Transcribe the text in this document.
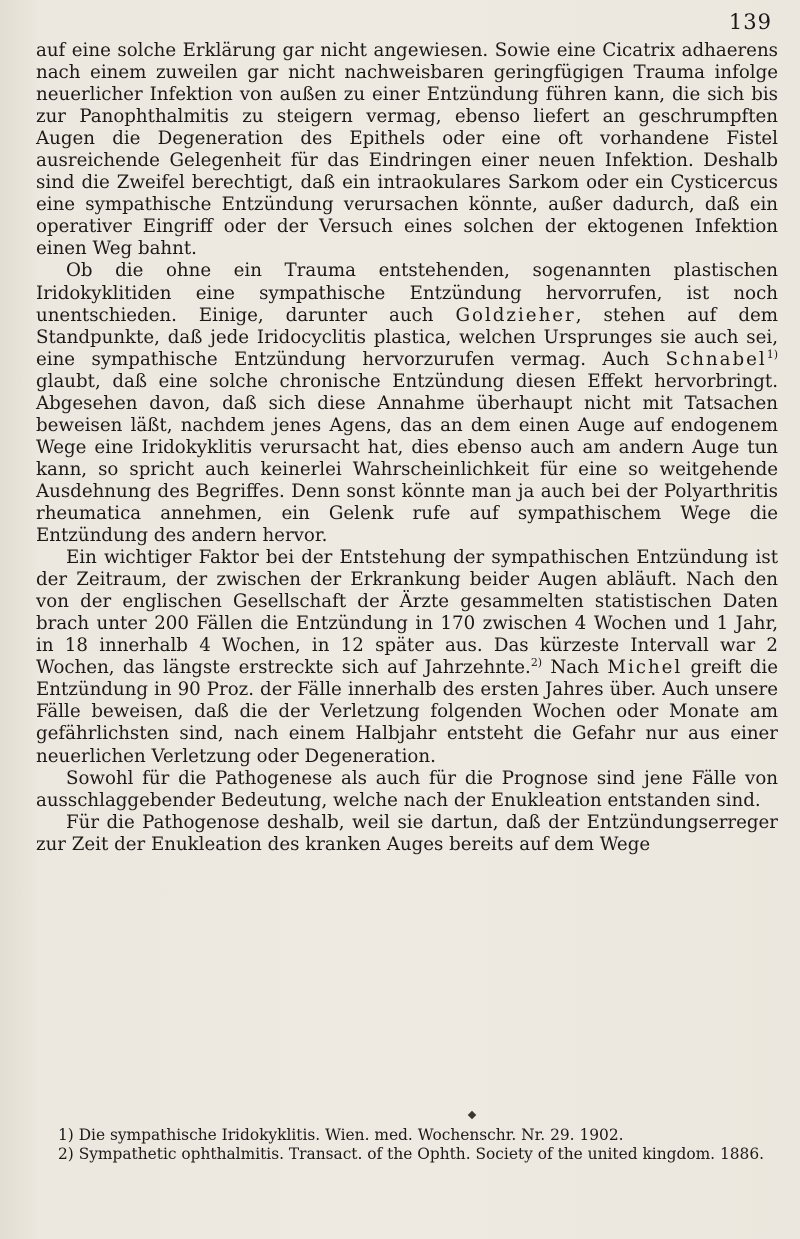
139

auf eine solche Erklärung gar nicht angewiesen. Sowie eine Cicatrix adhaerens nach einem zuweilen gar nicht nachweisbaren geringfügigen Trauma infolge neuerlicher Infektion von außen zu einer Entzündung führen kann, die sich bis zur Panophthalmitis zu steigern vermag, ebenso liefert an geschrumpften Augen die Degeneration des Epithels oder eine oft vorhandene Fistel ausreichende Gelegenheit für das Eindringen einer neuen Infektion. Deshalb sind die Zweifel berechtigt, daß ein intraokulares Sarkom oder ein Cysticercus eine sympathische Entzündung verursachen könnte, außer dadurch, daß ein operativer Eingriff oder der Versuch eines solchen der ektogenen Infektion einen Weg bahnt.

Ob die ohne ein Trauma entstehenden, sogenannten plastischen Iridokyklitiden eine sympathische Entzündung hervorrufen, ist noch unentschieden. Einige, darunter auch Goldzieher, stehen auf dem Standpunkte, daß jede Iridocyclitis plastica, welchen Ursprunges sie auch sei, eine sympathische Entzündung hervorzurufen vermag. Auch Schnabel$^{1)}$ glaubt, daß eine solche chronische Entzündung diesen Effekt hervorbringt. Abgesehen davon, daß sich diese Annahme überhaupt nicht mit Tatsachen beweisen läßt, nachdem jenes Agens, das an dem einen Auge auf endogenem Wege eine Iridokyklitis verursacht hat, dies ebenso auch am andern Auge tun kann, so spricht auch keinerlei Wahrscheinlichkeit für eine so weitgehende Ausdehnung des Begriffes. Denn sonst könnte man ja auch bei der Polyarthritis rheumatica annehmen, ein Gelenk rufe auf sympathischem Wege die Entzündung des andern hervor.

Ein wichtiger Faktor bei der Entstehung der sympathischen Entzündung ist der Zeitraum, der zwischen der Erkrankung beider Augen abläuft. Nach den von der englischen Gesellschaft der Ärzte gesammelten statistischen Daten brach unter 200 Fällen die Entzündung in 170 zwischen 4 Wochen und 1 Jahr, in 18 innerhalb 4 Wochen, in 12 später aus. Das kürzeste Intervall war 2 Wochen, das längste erstreckte sich auf Jahrzehnte.$^{2)}$ Nach Michel greift die Entzündung in 90 Proz. der Fälle innerhalb des ersten Jahres über. Auch unsere Fälle beweisen, daß die der Verletzung folgenden Wochen oder Monate am gefährlichsten sind, nach einem Halbjahr entsteht die Gefahr nur aus einer neuerlichen Verletzung oder Degeneration.

Sowohl für die Pathogenese als auch für die Prognose sind jene Fälle von ausschlaggebender Bedeutung, welche nach der Enukleation entstanden sind.

Für die Pathogenose deshalb, weil sie dartun, daß der Entzündungserreger zur Zeit der Enukleation des kranken Auges bereits auf dem Wege

1) Die sympathische Iridokyklitis. Wien. med. Wochenschr. Nr. 29. 1902.

2) Sympathetic ophthalmitis. Transact. of the Ophth. Society of the united kingdom. 1886.
